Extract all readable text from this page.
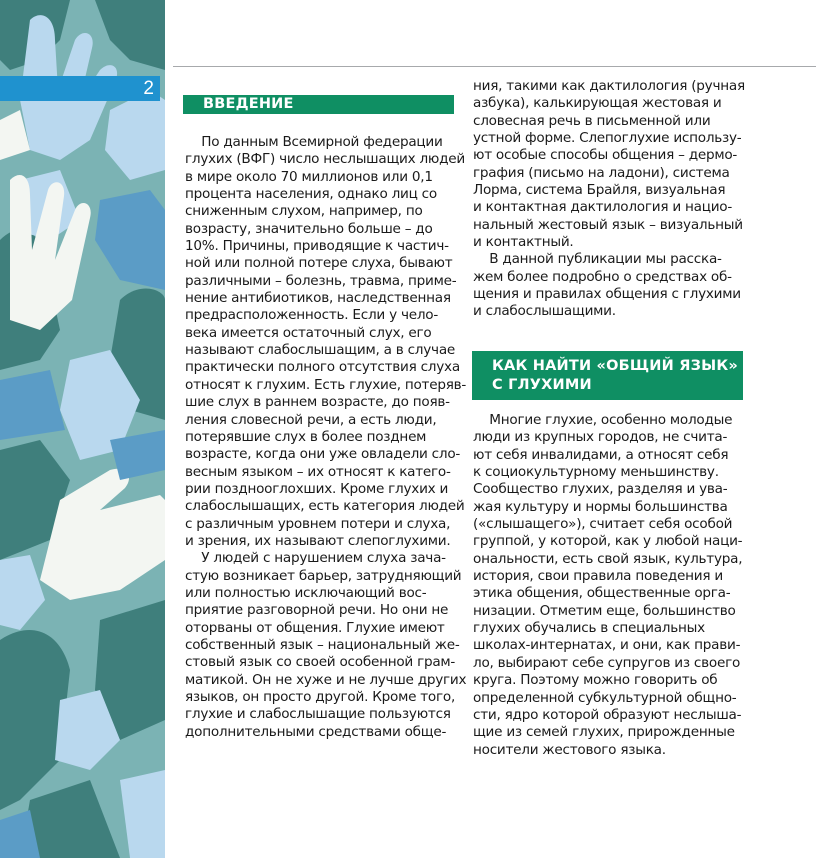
2
ВВЕДЕНИЕ
По данным Всемирной федерации
глухих (ВФГ) число неслышащих людей
в мире около 70 миллионов или 0,1
процента населения, однако лиц со
сниженным слухом, например, по
возрасту, значительно больше – до
10%. Причины, приводящие к частич-
ной или полной потере слуха, бывают
различными – болезнь, травма, приме-
нение антибиотиков, наследственная
предрасположенность. Если у чело-
века имеется остаточный слух, его
называют слабослышащим, а в случае
практически полного отсутствия слуха
относят к глухим. Есть глухие, потеряв-
шие слух в раннем возрасте, до появ-
ления словесной речи, а есть люди,
потерявшие слух в более позднем
возрасте, когда они уже овладели сло-
весным языком – их относят к катего-
рии позднооглохших. Кроме глухих и
слабослышащих, есть категория людей
с различным уровнем потери и слуха,
и зрения, их называют слепоглухими.
У людей с нарушением слуха зача-
стую возникает барьер, затрудняющий
или полностью исключающий вос-
приятие разговорной речи. Но они не
оторваны от общения. Глухие имеют
собственный язык – национальный же-
стовый язык со своей особенной грам-
матикой. Он не хуже и не лучше других
языков, он просто другой. Кроме того,
глухие и слабослышащие пользуются
дополнительными средствами обще-
ния, такими как дактилология (ручная
азбука), калькирующая жестовая и
словесная речь в письменной или
устной форме. Слепоглухие использу-
ют особые способы общения – дермо-
графия (письмо на ладони), система
Лорма, система Брайля, визуальная
и контактная дактилология и нацио-
нальный жестовый язык – визуальный
и контактный.
В данной публикации мы расска-
жем более подробно о средствах об-
щения и правилах общения с глухими
и слабослышащими.
КАК НАЙТИ «ОБЩИЙ ЯЗЫК»
С ГЛУХИМИ
Многие глухие, особенно молодые
люди из крупных городов, не счита-
ют себя инвалидами, а относят себя
к социокультурному меньшинству.
Сообщество глухих, разделяя и ува-
жая культуру и нормы большинства
(«слышащего»), считает себя особой
группой, у которой, как у любой наци-
ональности, есть свой язык, культура,
история, свои правила поведения и
этика общения, общественные орга-
низации. Отметим еще, большинство
глухих обучались в специальных
школах-интернатах, и они, как прави-
ло, выбирают себе супругов из своего
круга. Поэтому можно говорить об
определенной субкультурной общно-
сти, ядро которой образуют неслыша-
щие из семей глухих, прирожденные
носители жестового языка.
